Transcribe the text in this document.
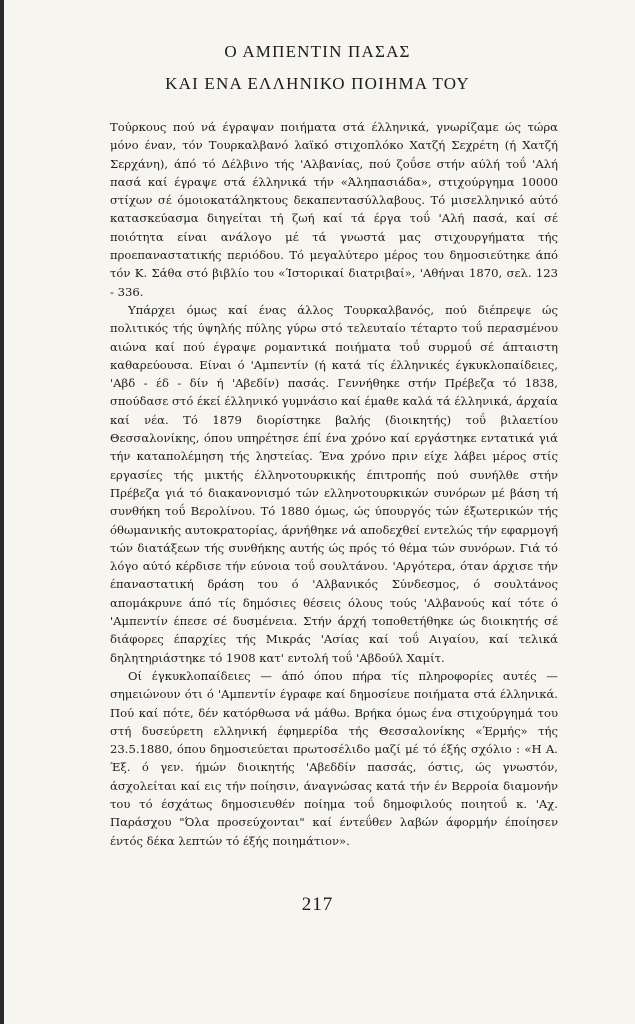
Ο ΑΜΠΕΝΤΙΝ ΠΑΣΑΣ
ΚΑΙ ΕΝΑ ΕΛΛΗΝΙΚΟ ΠΟΙΗΜΑ ΤΟΥ

Τούρκους πού νά έγραψαν ποιήματα στά έλληνικά, γνωρίζαμε ώς τώρα μόνο έναν, τόν Τουρκαλβανό λαϊκό στιχοπλόκο Χατζή Σεχρέτη (ή Χατζή Σερχάνη), άπό τό Δέλβινο τής 'Αλβανίας, πού ζοΰσε στήν αύλή τοΰ 'Αλή πασά καί έγραψε στά έλληνικά τήν «Άληπασιάδα», στιχούργημα 10000 στίχων σέ όμοιοκατάληκτους δεκαπεντασύλλαβους. Τό μισελληνικό αύτό κατασκεύασμα διηγείται τή ζωή καί τά έργα τοΰ 'Αλή πασά, καί σέ ποιότητα είναι ανάλογο μέ τά γνωστά μας στιχουργήματα τής προεπαναστατικής περιόδου. Τό μεγαλύτερο μέρος του δημοσιεύτηκε άπό τόν Κ. Σάθα στό βιβλίο του «Ίστορικαί διατριβαί», 'Αθήναι 1870, σελ. 123 - 336.

Υπάρχει όμως καί ένας άλλος Τουρκαλβανός, πού διέπρεψε ώς πολιτικός τής ύψηλής πύλης γύρω στό τελευταίο τέταρτο τοΰ περασμένου αιώνα καί πού έγραψε ρομαντικά ποιήματα τοΰ συρμοΰ σέ άπταιστη καθαρεύουσα. Είναι ό 'Αμπεντίν (ή κατά τίς έλληνικές έγκυκλοπαίδειες, 'Αβδ - έδ - δίν ή 'Αβεδίν) πασάς. Γεννήθηκε στήν Πρέβεζα τό 1838, σπούδασε στό έκεί έλληνικό γυμνάσιο καί έμαθε καλά τά έλληνικά, άρχαία καί νέα. Τό 1879 διορίστηκε βαλής (διοικητής) τοΰ βιλαετίου Θεσσαλονίκης, όπου υπηρέτησε έπί ένα χρόνο καί εργάστηκε εντατικά γιά τήν καταπολέμηση τής ληστείας. Ένα χρόνο πριν είχε λάβει μέρος στίς εργασίες τής μικτής έλληνοτουρκικής έπιτροπής πού συνήλθε στήν Πρέβεζα γιά τό διακανονισμό τών ελληνοτουρκικών συνόρων μέ βάση τή συνθήκη τοΰ Βερολίνου. Τό 1880 όμως, ώς ύπουργός τών έξωτερικών τής όθωμανικής αυτοκρατορίας, άρνήθηκε νά αποδεχθεί εντελώς τήν εφαρμογή τών διατάξεων τής συνθήκης αυτής ώς πρός τό θέμα τών συνόρων. Γιά τό λόγο αύτό κέρδισε τήν εύνοια τοΰ σουλτάνου. 'Αργότερα, όταν άρχισε τήν έπαναστατική δράση του ό 'Αλβανικός Σύνδεσμος, ό σουλτάνος απομάκρυνε άπό τίς δημόσιες θέσεις όλους τούς 'Αλβανούς καί τότε ό 'Αμπεντίν έπεσε σέ δυσμένεια. Στήν άρχή τοποθετήθηκε ώς διοικητής σέ διάφορες έπαρχίες τής Μικράς 'Ασίας καί τοΰ Αιγαίου, καί τελικά δηλητηριάστηκε τό 1908 κατ' εντολή τοΰ 'Αβδούλ Χαμίτ.

Οί έγκυκλοπαίδειες — άπό όπου πήρα τίς πληροφορίες αυτές — σημειώνουν ότι ό 'Αμπεντίν έγραφε καί δημοσίευε ποιήματα στά έλληνικά. Πού καί πότε, δέν κατόρθωσα νά μάθω. Βρήκα όμως ένα στιχούργημά του στή δυσεύρετη ελληνική έφημερίδα τής Θεσσαλονίκης «Έρμής» τής 23.5.1880, όπου δημοσιεύεται πρωτοσέλιδο μαζί μέ τό έξής σχόλιο : «Η Α. Έξ. ό γεν. ήμών διοικητής 'Αβεδδίν πασσάς, όστις, ώς γνωστόν, άσχολείται καί εις τήν ποίησιν, άναγνώσας κατά τήν έν Βερροία διαμονήν του τό έσχάτως δημοσιευθέν ποίημα τοΰ δημοφιλούς ποιητοΰ κ. 'Αχ. Παράσχου "Όλα προσεύχονται" καί έντεΰθεν λαβών άφορμήν έποίησεν έντός δέκα λεπτών τό έξής ποιημάτιον».

217
